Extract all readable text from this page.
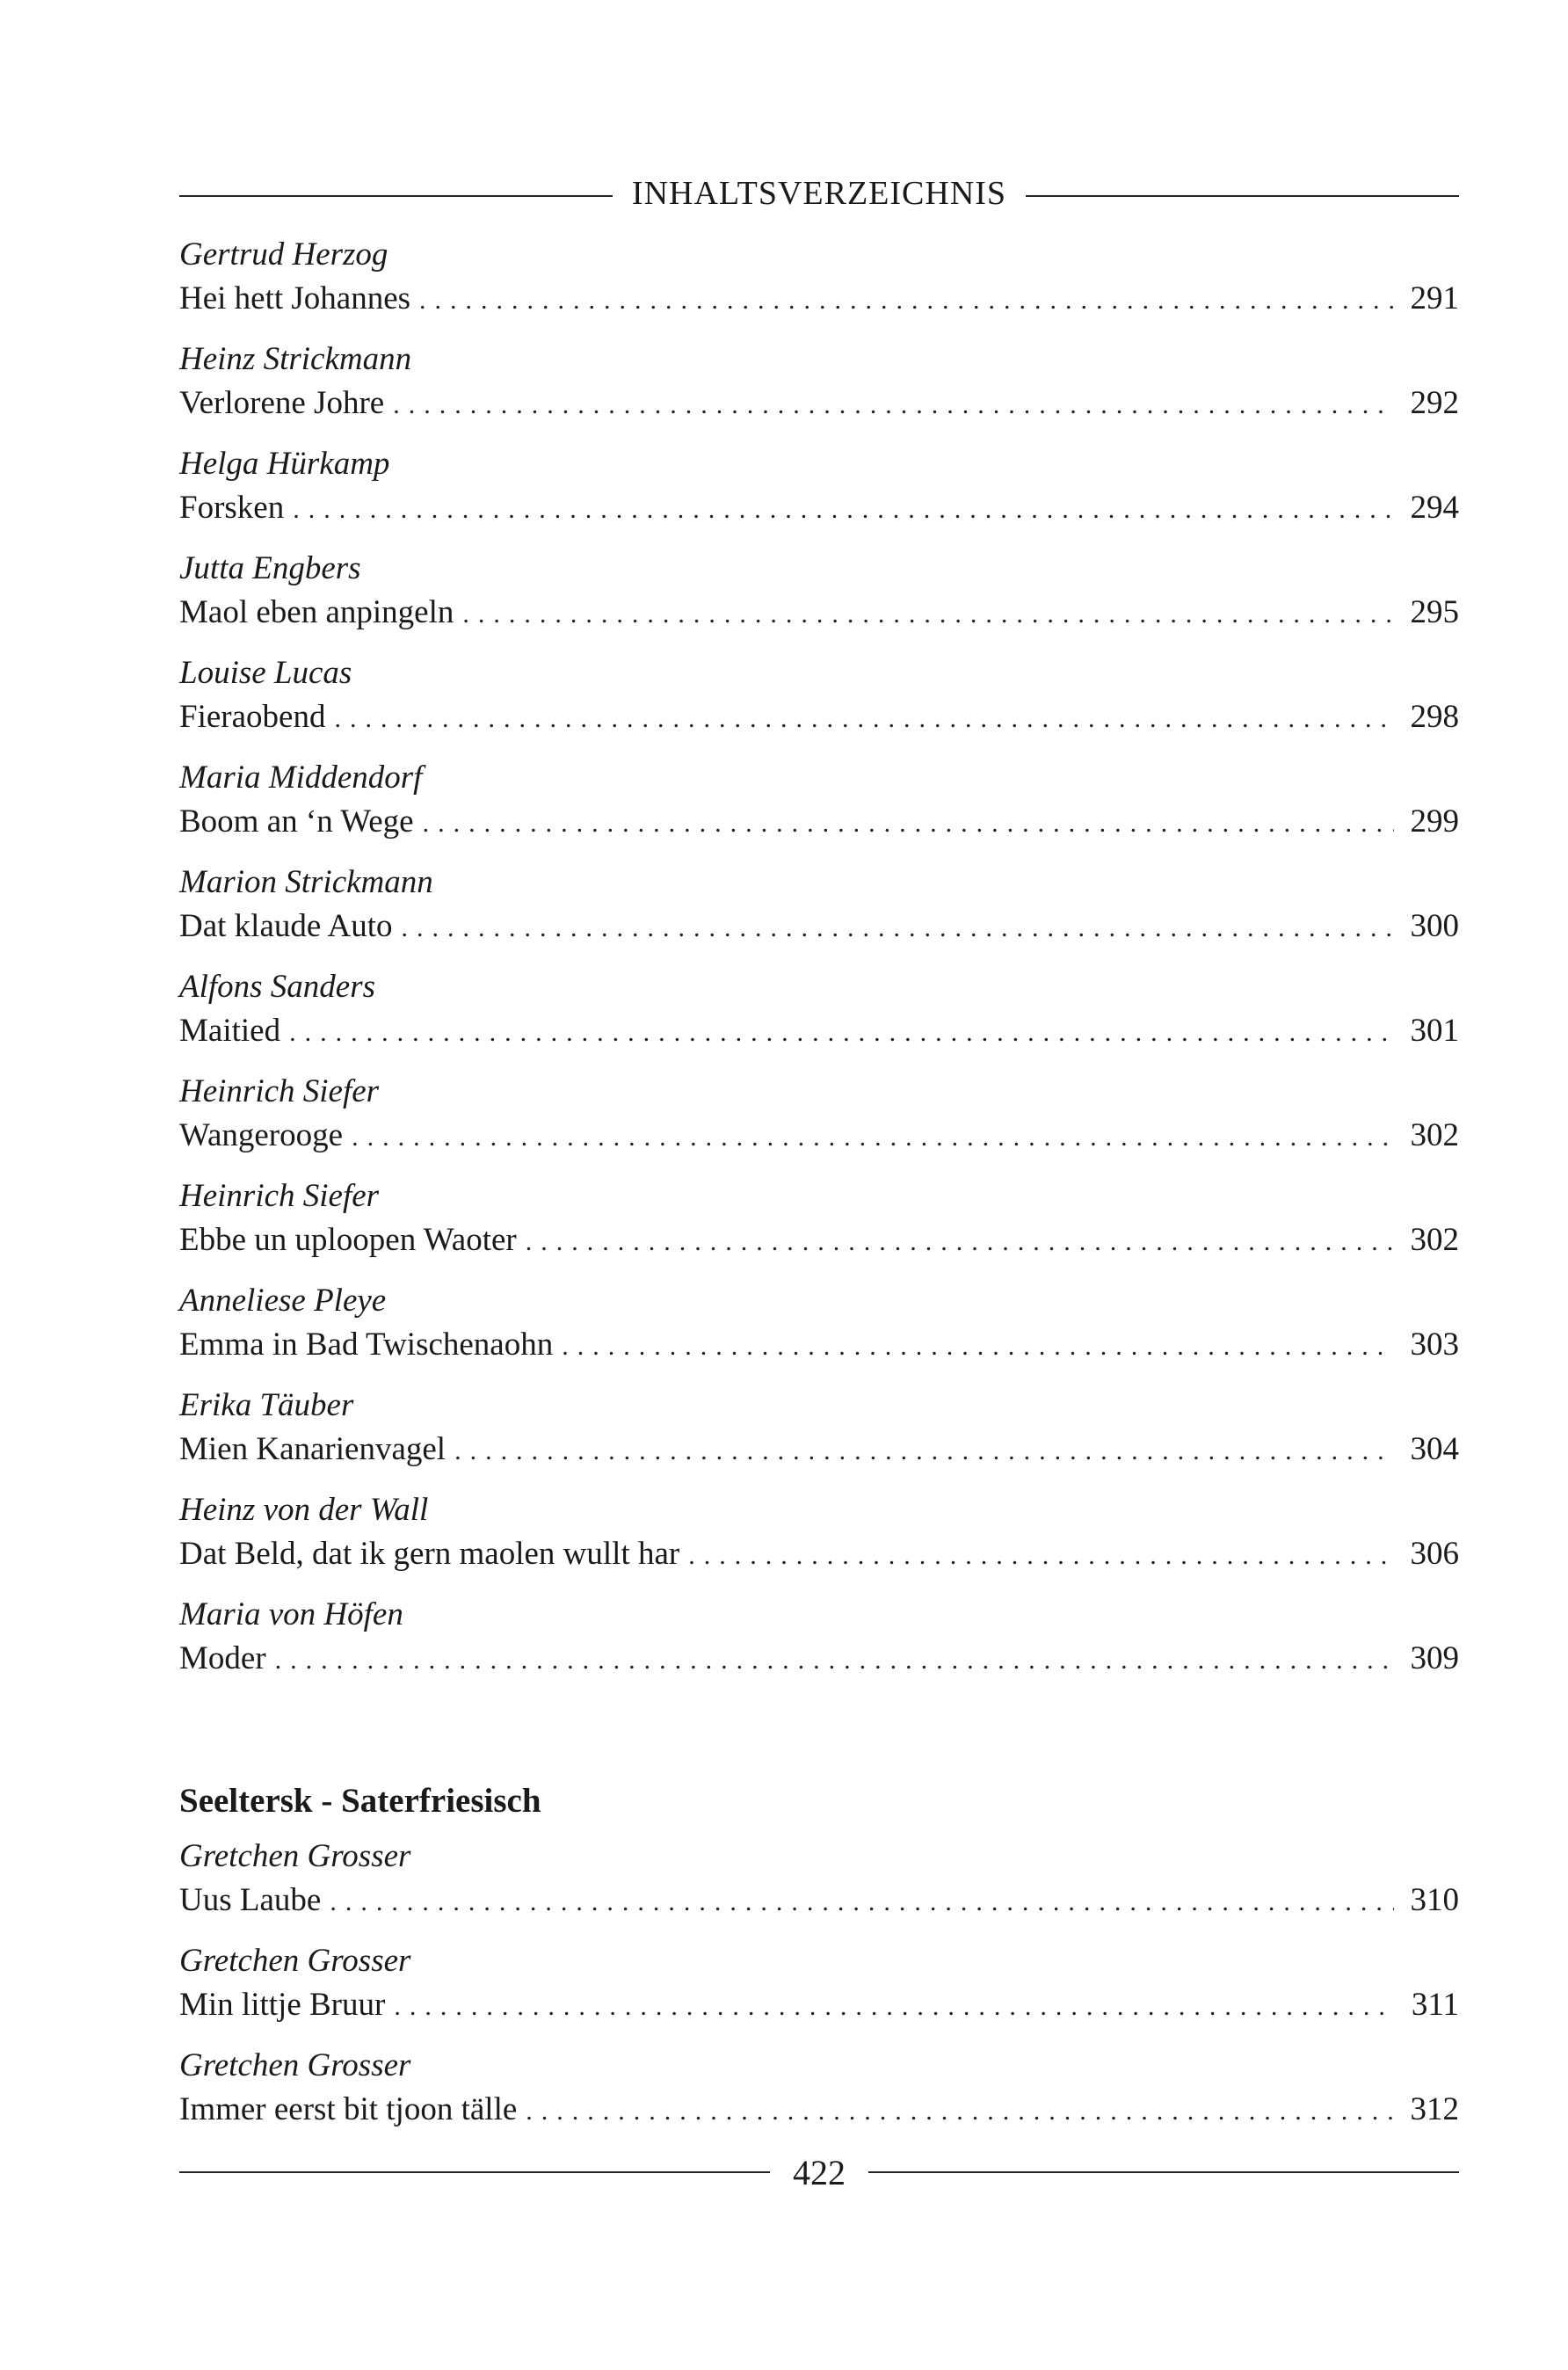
INHALTSVERZEICHNIS
Gertrud Herzog
Hei hett Johannes .....	291
Heinz Strickmann
Verlorene Johre .....	292
Helga Hürkamp
Forsken .....	294
Jutta Engbers
Maol eben anpingeln .....	295
Louise Lucas
Fieraobend .....	298
Maria Middendorf
Boom an ‘n Wege .....	299
Marion Strickmann
Dat klaude Auto .....	300
Alfons Sanders
Maitied .....	301
Heinrich Siefer
Wangerooge .....	302
Heinrich Siefer
Ebbe un uploopen Waoter .....	302
Anneliese Pleye
Emma in Bad Twischenaohn .....	303
Erika Täuber
Mien Kanarienvagel .....	304
Heinz von der Wall
Dat Beld, dat ik gern maolen wullt har .....	306
Maria von Höfen
Moder .....	309
Seeltersk - Saterfriesisch
Gretchen Grosser
Uus Laube .....	310
Gretchen Grosser
Min littje Bruur .....	311
Gretchen Grosser
Immer eerst bit tjoon tälle .....	312
422
